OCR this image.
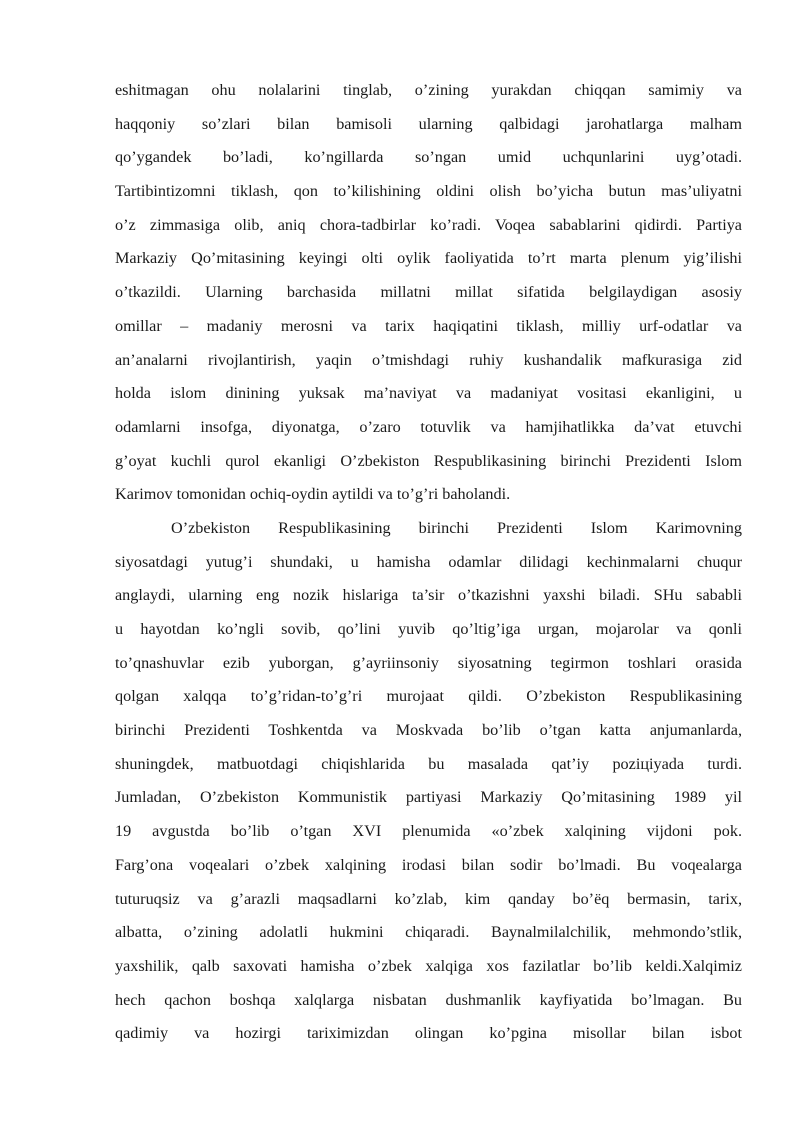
eshitmagan ohu nolalarini tinglab, o’zining yurakdan chiqqan samimiy va
haqqoniy so’zlari bilan bamisoli ularning qalbidagi jarohatlarga malham
qo’ygandek bo’ladi, ko’ngillarda so’ngan umid uchqunlarini uyg’otadi.
Tartibintizomni tiklash, qon to’kilishining oldini olish bo’yicha butun mas’uliyatni
o’z zimmasiga olib, aniq chora-tadbirlar ko’radi. Voqea sabablarini qidirdi. Partiya
Markaziy Qo’mitasining keyingi olti oylik faoliyatida to’rt marta plenum yig’ilishi
o’tkazildi. Ularning barchasida millatni millat sifatida belgilaydigan asosiy
omillar – madaniy merosni va tarix haqiqatini tiklash, milliy urf-odatlar va
an’analarni rivojlantirish, yaqin o’tmishdagi ruhiy kushandalik mafkurasiga zid
holda islom dinining yuksak ma’naviyat va madaniyat vositasi ekanligini, u
odamlarni insofga, diyonatga, o’zaro totuvlik va hamjihatlikka da’vat etuvchi
g’oyat kuchli qurol ekanligi O’zbekiston Respublikasining birinchi Prezidenti Islom
Karimov tomonidan ochiq-oydin aytildi va to’g’ri baholandi.
O’zbekiston Respublikasining birinchi Prezidenti Islom Karimovning
siyosatdagi yutug’i shundaki, u hamisha odamlar dilidagi kechinmalarni chuqur
anglaydi, ularning eng nozik hislariga ta’sir o’tkazishni yaxshi biladi. SHu sababli
u hayotdan ko’ngli sovib, qo’lini yuvib qo’ltig’iga urgan, mojarolar va qonli
to’qnashuvlar ezib yuborgan, g’ayriinsoniy siyosatning tegirmon toshlari orasida
qolgan xalqqa to’g’ridan-to’g’ri murojaat qildi. O’zbekiston Respublikasining
birinchi Prezidenti Toshkentda va Moskvada bo’lib o’tgan katta anjumanlarda,
shuningdek, matbuotdagi chiqishlarida bu masalada qat’iy poziцiyada turdi.
Jumladan, O’zbekiston Kommunistik partiyasi Markaziy Qo’mitasining 1989 yil
19 avgustda bo’lib o’tgan XVI plenumida «o’zbek xalqining vijdoni pok.
Farg’ona voqealari o’zbek xalqining irodasi bilan sodir bo’lmadi. Bu voqealarga
tuturuqsiz va g’arazli maqsadlarni ko’zlab, kim qanday bo’ёq bermasin, tarix,
albatta, o’zining adolatli hukmini chiqaradi. Baynalmilalchilik, mehmondo’stlik,
yaxshilik, qalb saxovati hamisha o’zbek xalqiga xos fazilatlar bo’lib keldi.Xalqimiz
hech qachon boshqa xalqlarga nisbatan dushmanlik kayfiyatida bo’lmagan. Bu
qadimiy va hozirgi tariximizdan olingan ko’pgina misollar bilan isbot
